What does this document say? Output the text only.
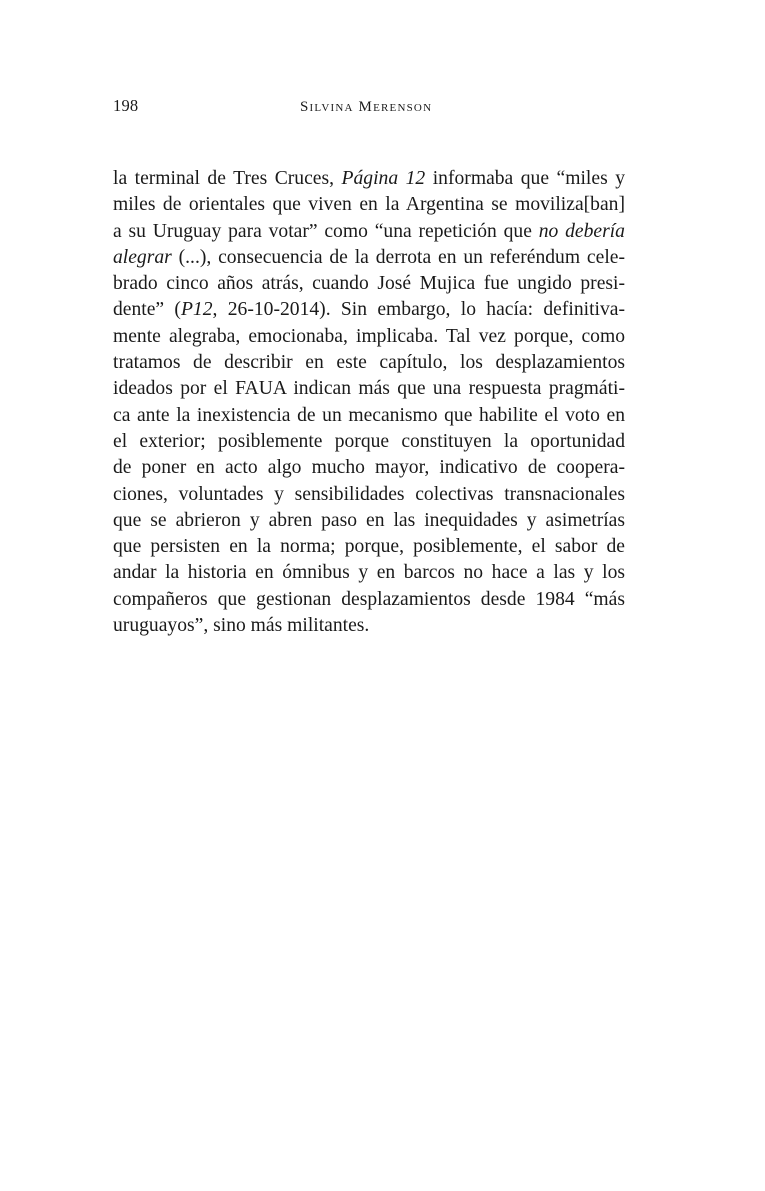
198	Silvina Merenson
la terminal de Tres Cruces, Página 12 informaba que “miles y
miles de orientales que viven en la Argentina se moviliza[ban]
a su Uruguay para votar” como “una repetición que no debería
alegrar (...), consecuencia de la derrota en un referéndum cele-
brado cinco años atrás, cuando José Mujica fue ungido presi-
dente” (P12, 26-10-2014). Sin embargo, lo hacía: definitiva-
mente alegraba, emocionaba, implicaba. Tal vez porque, como
tratamos de describir en este capítulo, los desplazamientos
ideados por el FAUA indican más que una respuesta pragmáti-
ca ante la inexistencia de un mecanismo que habilite el voto en
el exterior; posiblemente porque constituyen la oportunidad
de poner en acto algo mucho mayor, indicativo de coopera-
ciones, voluntades y sensibilidades colectivas transnacionales
que se abrieron y abren paso en las inequidades y asimetrías
que persisten en la norma; porque, posiblemente, el sabor de
andar la historia en ómnibus y en barcos no hace a las y los
compañeros que gestionan desplazamientos desde 1984 “más
uruguayos”, sino más militantes.
